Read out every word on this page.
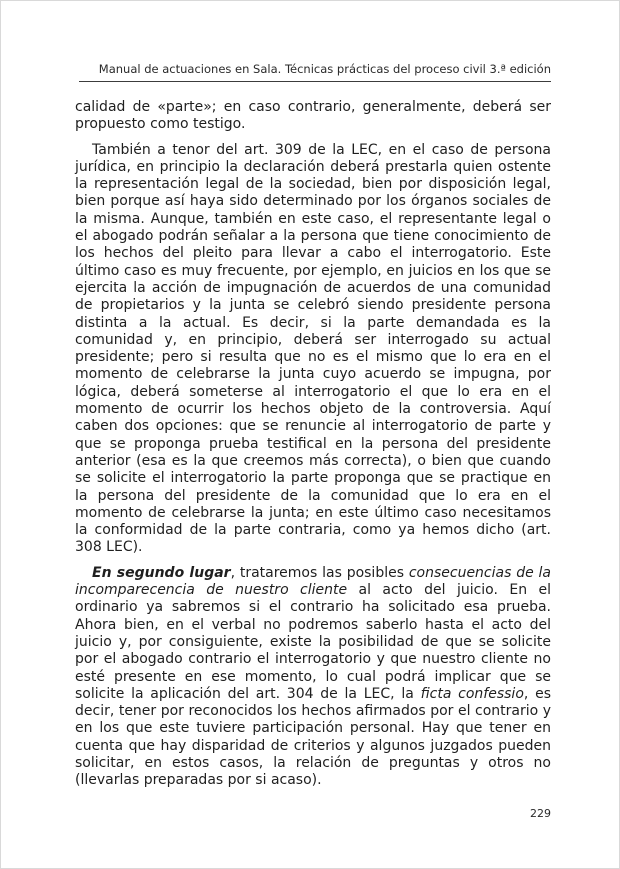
Manual de actuaciones en Sala. Técnicas prácticas del proceso civil 3.ª edición

calidad de «parte»; en caso contrario, generalmente, deberá ser propuesto como testigo.

También a tenor del art. 309 de la LEC, en el caso de persona jurídica, en principio la declaración deberá prestarla quien ostente la representación legal de la sociedad, bien por disposición legal, bien porque así haya sido determinado por los órganos sociales de la misma. Aunque, también en este caso, el representante legal o el abogado podrán señalar a la persona que tiene conocimiento de los hechos del pleito para llevar a cabo el interrogatorio. Este último caso es muy frecuente, por ejemplo, en juicios en los que se ejercita la acción de impugnación de acuerdos de una comunidad de propietarios y la junta se celebró siendo presidente persona distinta a la actual. Es decir, si la parte demandada es la comunidad y, en principio, deberá ser interrogado su actual presidente; pero si resulta que no es el mismo que lo era en el momento de celebrarse la junta cuyo acuerdo se impugna, por lógica, deberá someterse al interrogatorio el que lo era en el momento de ocurrir los hechos objeto de la controversia. Aquí caben dos opciones: que se renuncie al interrogatorio de parte y que se proponga prueba testifical en la persona del presidente anterior (esa es la que creemos más correcta), o bien que cuando se solicite el interrogatorio la parte proponga que se practique en la persona del presidente de la comunidad que lo era en el momento de celebrarse la junta; en este último caso necesitamos la conformidad de la parte contraria, como ya hemos dicho (art. 308 LEC).

En segundo lugar, trataremos las posibles consecuencias de la incomparecencia de nuestro cliente al acto del juicio. En el ordinario ya sabremos si el contrario ha solicitado esa prueba. Ahora bien, en el verbal no podremos saberlo hasta el acto del juicio y, por consiguiente, existe la posibilidad de que se solicite por el abogado contrario el interrogatorio y que nuestro cliente no esté presente en ese momento, lo cual podrá implicar que se solicite la aplicación del art. 304 de la LEC, la ficta confessio, es decir, tener por reconocidos los hechos afirmados por el contrario y en los que este tuviere participación personal. Hay que tener en cuenta que hay disparidad de criterios y algunos juzgados pueden solicitar, en estos casos, la relación de preguntas y otros no (llevarlas preparadas por si acaso).

229
